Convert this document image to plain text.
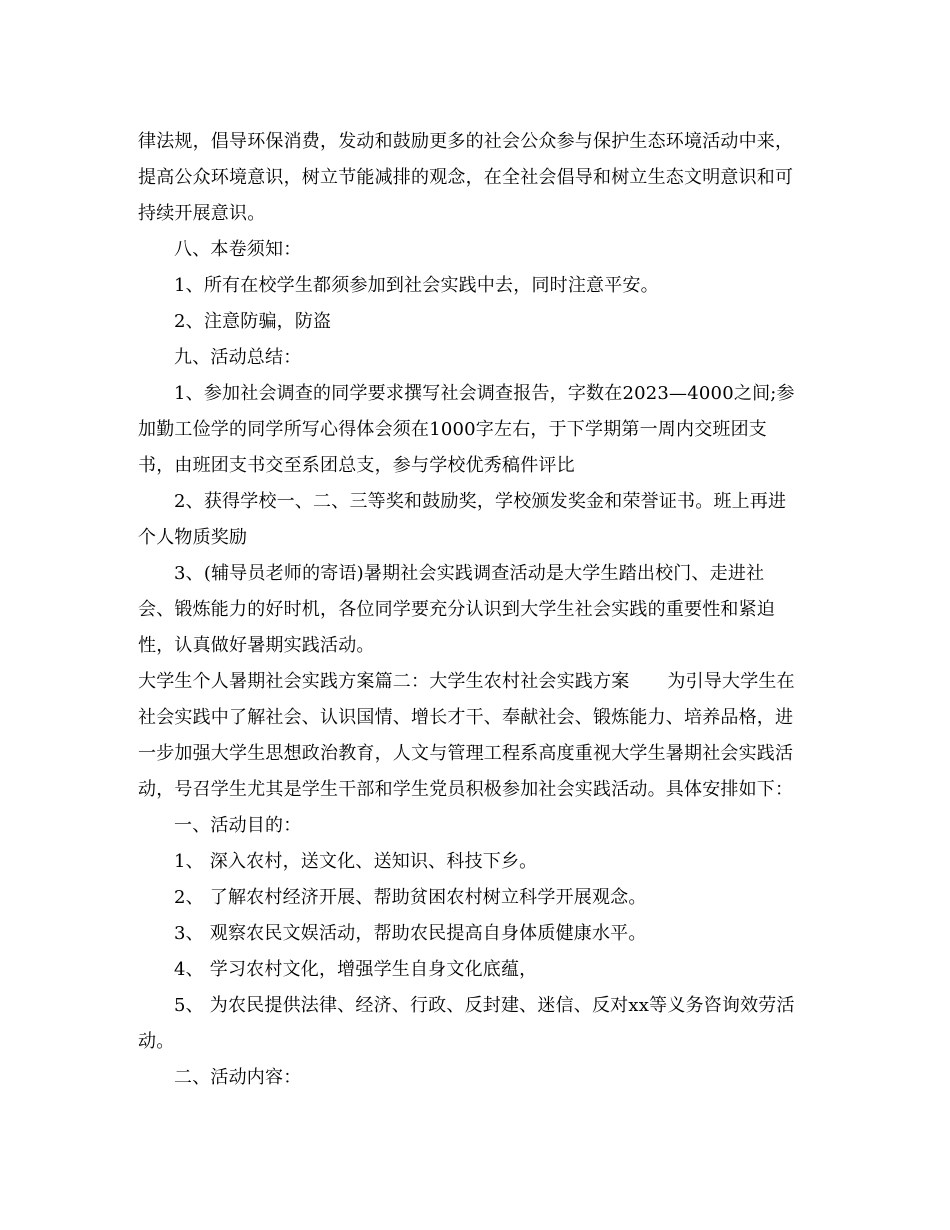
律法规，倡导环保消费，发动和鼓励更多的社会公众参与保护生态环境活动中来，
提高公众环境意识，树立节能减排的观念，在全社会倡导和树立生态文明意识和可
持续开展意识。
八、本卷须知：
1、所有在校学生都须参加到社会实践中去，同时注意平安。
2、注意防骗，防盗
九、活动总结：
1、参加社会调查的同学要求撰写社会调查报告，字数在2023—4000之间;参
加勤工俭学的同学所写心得体会须在1000字左右，于下学期第一周内交班团支
书，由班团支书交至系团总支，参与学校优秀稿件评比
2、获得学校一、二、三等奖和鼓励奖，学校颁发奖金和荣誉证书。班上再进
个人物质奖励
3、(辅导员老师的寄语)暑期社会实践调查活动是大学生踏出校门、走进社
会、锻炼能力的好时机，各位同学要充分认识到大学生社会实践的重要性和紧迫
性，认真做好暑期实践活动。
大学生个人暑期社会实践方案篇二：大学生农村社会实践方案 为引导大学生在
社会实践中了解社会、认识国情、增长才干、奉献社会、锻炼能力、培养品格，进
一步加强大学生思想政治教育，人文与管理工程系高度重视大学生暑期社会实践活
动，号召学生尤其是学生干部和学生党员积极参加社会实践活动。具体安排如下：
一、活动目的：
1、 深入农村，送文化、送知识、科技下乡。
2、 了解农村经济开展、帮助贫困农村树立科学开展观念。
3、 观察农民文娱活动，帮助农民提高自身体质健康水平。
4、 学习农村文化，增强学生自身文化底蕴，
5、 为农民提供法律、经济、行政、反封建、迷信、反对xx等义务咨询效劳活
动。
二、活动内容：
